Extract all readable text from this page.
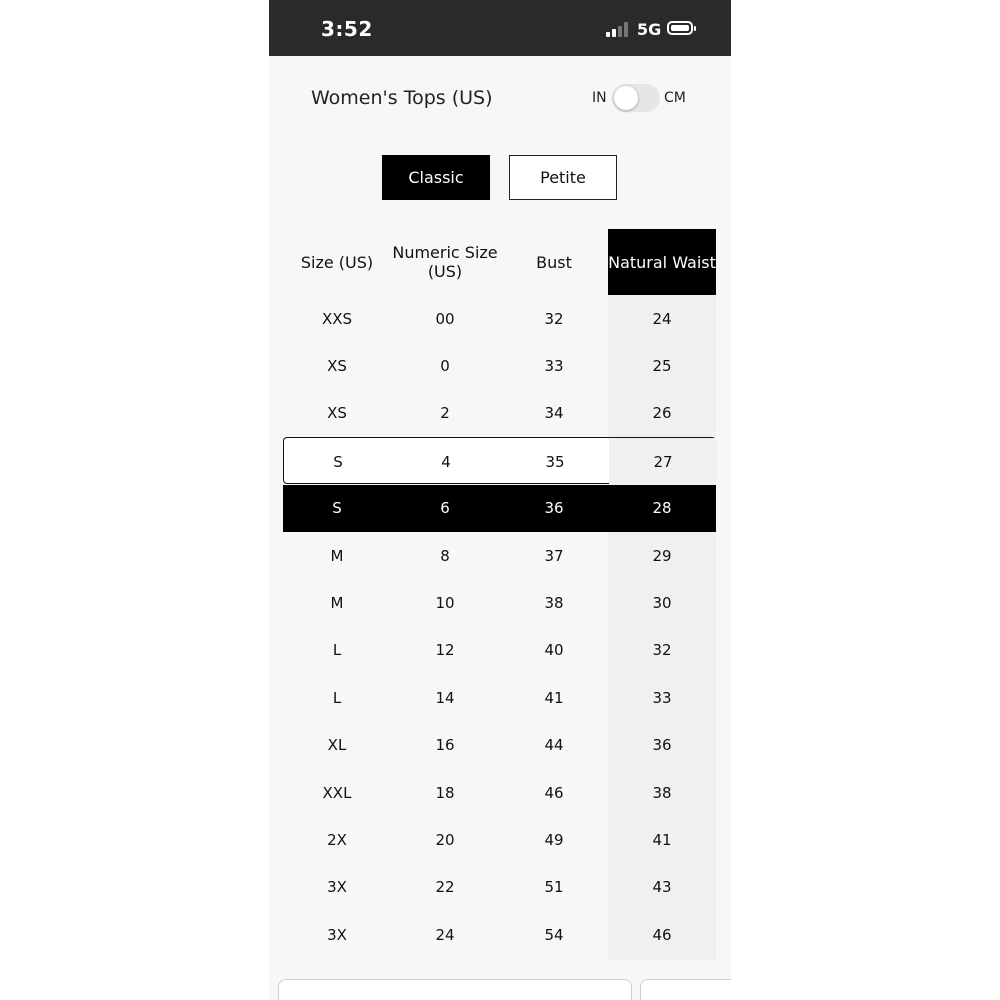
3:52	5G
Women's Tops (US)	IN	CM
Classic	Petite
Size (US)	Numeric Size (US)	Bust	Natural Waist
XXS	00	32	24
XS	0	33	25
XS	2	34	26
S	4	35	27
S	6	36	28
M	8	37	29
M	10	38	30
L	12	40	32
L	14	41	33
XL	16	44	36
XXL	18	46	38
2X	20	49	41
3X	22	51	43
3X	24	54	46
